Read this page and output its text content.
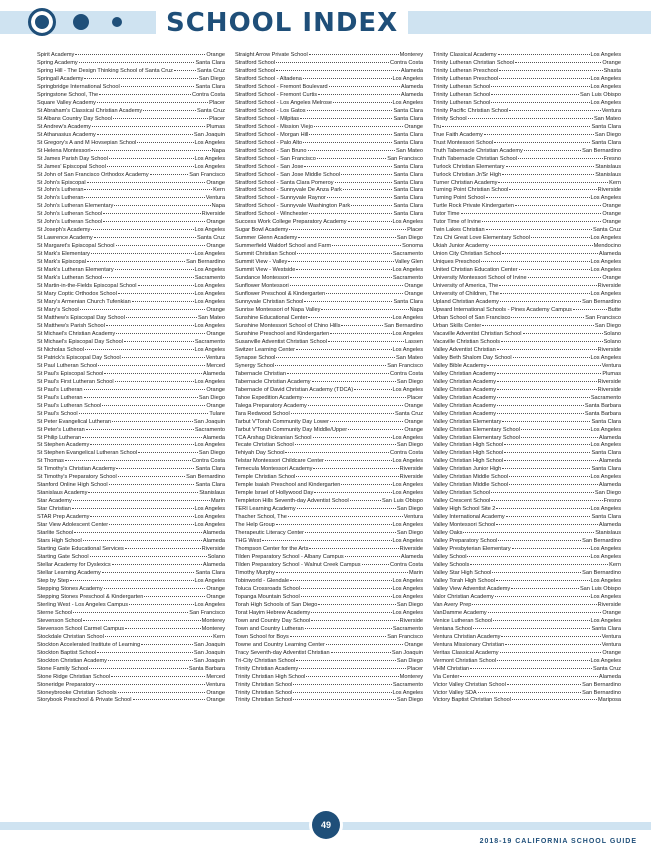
SCHOOL INDEX
Spirit Academy	Orange
Spring Academy	Santa Clara
Spring Hill - The Design Thinking School of Santa Cruz	Santa Cruz
Springall Academy	San Diego
Springbridge International School	Santa Clara
Springstone School, The	Contra Costa
Square Valley Academy	Placer
St Abraham's Classical Christian Academy	Santa Cruz
St Albans Country Day School	Placer
St Andrew's Academy	Plumas
St Athanasius Academy	San Joaquin
St Gregory's A and M Hovsepian School	Los Angeles
St Helena Montessori	Napa
St James Parish Day School	Los Angeles
St James' Episcopal School	Los Angeles
St John of San Francisco Orthodox Academy	San Francisco
St John's Episcopal	Orange
St John's Lutheran	Kern
St John's Lutheran	Ventura
St John's Lutheran Elementary	Napa
St John's Lutheran School	Riverside
St John's Lutheran School	Orange
St Joseph's Academy	Los Angeles
St Lawrence Academy	Santa Cruz
St Margaret's Episcopal School	Orange
St Mark's Elementary	Los Angeles
St Mark's Episcopal	San Bernardino
St Mark's Lutheran Elementary	Los Angeles
St Mark's Lutheran School	Sacramento
St Martin-in-the-Fields Episcopal School	Los Angeles
St Mary Coptic Orthodox School	Los Angeles
St Mary's Armenian Church Tufenkian	Los Angeles
St Mary's School	Orange
St Matthew's Episcopal Day School	San Mateo
St Matthew's Parish School	Los Angeles
St Michael's Christian Academy	Orange
St Michael's Episcopal Day School	Sacramento
St Nicholas School	Los Angeles
St Patrick's Episcopal Day School	Ventura
St Paul Lutheran School	Merced
St Paul's Episcopal School	Alameda
St Paul's First Lutheran School	Los Angeles
St Paul's Lutheran	Orange
St Paul's Lutheran	San Diego
St Paul's Lutheran School	Orange
St Paul's School	Tulare
St Peter Evangelical Lutheran	San Joaquin
St Peter's Lutheran	Sacramento
St Philip Lutheran	Alameda
St Stephen Academy	Los Angeles
St Stephen Evangelical Lutheran School	San Diego
St Thomas	Contra Costa
St Timothy's Christian Academy	Santa Clara
St Timothy's Preparatory School	San Bernardino
Stanford Online High School	Santa Clara
Stanislaus Academy	Stanislaus
Star Academy	Marin
Star Christian	Los Angeles
STAR Prep Academy	Los Angeles
Star View Adolescent Center	Los Angeles
Starlite School	Alameda
Stars High School	Alameda
Starting Gate Educational Services	Riverside
Starting Gate School	Solano
Stellar Academy for Dyslexics	Alameda
Stellar Learning Academy	Santa Clara
Step by Step	Los Angeles
Stepping Stones Academy	Orange
Stepping Stones Preschool & Kindergarten	Orange
Sterling West - Los Angeles Campus	Los Angeles
Sterne School	San Francisco
Stevenson School	Monterey
Stevenson School Carmel Campus	Monterey
Stockdale Christian School	Kern
Stockton Accelerated Institute of Learning	San Joaquin
Stockton Baptist School	San Joaquin
Stockton Christian Academy	San Joaquin
Stone Family School	Santa Barbara
Stone Ridge Christian School	Merced
Stoneridge Preparatory	Ventura
Stoneybrooke Christian Schools	Orange
Storybook Preschool & Private School	Orange
Straight Arrow Private School	Monterey
Stratford School	Contra Costa
Stratford School	Alameda
Stratford School - Altadena	Los Angeles
Stratford School - Fremont Boulevard	Alameda
Stratford School - Fremont Curtis	Alameda
Stratford School - Los Angeles Melrose	Los Angeles
Stratford School - Los Gatos	Santa Clara
Stratford School - Milpitas	Santa Clara
Stratford School - Mission Viejo	Orange
Stratford School - Morgan Hill	Santa Clara
Stratford School - Palo Alto	Santa Clara
Stratford School - San Bruno	San Mateo
Stratford School - San Francisco	San Francisco
Stratford School - San Jose	Santa Clara
Stratford School - San Jose Middle School	Santa Clara
Stratford School - Santa Clara Pomeroy	Santa Clara
Stratford School - Sunnyvale De Anza Park	Santa Clara
Stratford School - Sunnyvale Raynor	Santa Clara
Stratford School - Sunnyvale Washington Park	Santa Clara
Stratford School - Winchester	Santa Clara
Success Work College Preparatory Academy	Los Angeles
Sugar Bowl Academy	Placer
Summer Glenn Academy	San Diego
Summerfield Waldorf School and Farm	Sonoma
Summit Christian School	Sacramento
Summit View - Valley	Valley Glen
Summit View - Westside	Los Angeles
Sundance Montessori	Sacramento
Sunflower Montessori	Orange
Sunflower Preschool & Kindergarten	Orange
Sunnyvale Christian School	Santa Clara
Sunrise Montessori of Napa Valley	Napa
Sunshine Educational Center	Los Angeles
Sunshine Montessori School of Chino Hills	San Bernardino
Sunshine Preschool and Kindergarten	Los Angeles
Susanville Adventist Christian School	Lassen
Switzer Learning Center	Los Angeles
Synapse School	San Mateo
Synergy School	San Francisco
Tabernacle Christian	Contra Costa
Tabernacle Christian Academy	San Diego
Tabernacle of David Christian Academy (TDCA)	Los Angeles
Tahoe Expedition Academy	Placer
Talega Preparatory Academy	Orange
Tara Redwood School	Santa Cruz
Tarbut V'Torah Community Day Lower	Orange
Tarbut V'Torah Community Day Middle/Upper	Orange
TCA Arshag Dickranian School	Los Angeles
Tecate Christian School	San Diego
Tehiyah Day School	Contra Costa
Telstar Montessori Childcare Center	Los Angeles
Temecula Montessori Academy	Riverside
Temple Christian School	Riverside
Temple Isaiah Preschool and Kindergarten	Los Angeles
Temple Israel of Hollywood Day	Los Angeles
Templeton Hills Seventh-day Adventist School	San Luis Obispo
TERI Learning Academy	San Diego
Thacher School, The	Ventura
The Help Group	Los Angeles
Therapeutic Literacy Center	San Diego
THG West	Los Angeles
Thompson Center for the Arts	Riverside
Tilden Preparatory School - Albany Campus	Alameda
Tilden Preparatory School - Walnut Creek Campus	Contra Costa
Timothy Murphy	Marin
Tobinworld - Glendale	Los Angeles
Toluca Crossroads School	Los Angeles
Topanga Mountain School	Los Angeles
Torah High Schools of San Diego	San Diego
Torat Hayim Hebrew Academy	Los Angeles
Town and Country Day School	Riverside
Town and Country Lutheran	Sacramento
Town School for Boys	San Francisco
Towne and Country Learning Center	Orange
Tracy Seventh-day Adventist Christian	San Joaquin
Tri-City Christian School	San Diego
Trinity Christian Academy	Placer
Trinity Christian High School	Monterey
Trinity Christian School	Sacramento
Trinity Christian School	Los Angeles
Trinity Christian School	San Diego
Trinity Classical Academy	Los Angeles
Trinity Lutheran Christian School	Orange
Trinity Lutheran Preschool	Shasta
Trinity Lutheran Preschool	Los Angeles
Trinity Lutheran School	Los Angeles
Trinity Lutheran School	San Luis Obispo
Trinity Lutheran School	Los Angeles
Trinity Pacific Christian School	Ventura
Trinity School	San Mateo
Tru	Santa Clara
True Faith Academy	San Diego
Trust Montessori School	Santa Clara
Truth Tabernacle Christian Academy	San Bernardino
Truth Tabernacle Christian School	Fresno
Turlock Christian Elementary	Stanislaus
Turlock Christian Jr/Sr High	Stanislaus
Turner Christian Academy	Kern
Turning Point Christian School	Riverside
Turning Point School	Los Angeles
Turtle Rock Private Kindergarten	Orange
Tutor Time	Orange
Tutor Time of Irvine	Orange
Twin Lakes Christian	Santa Cruz
Tzu Chi Great Love Elementary School	Los Angeles
Ukiah Junior Academy	Mendocino
Union City Christian School	Alameda
Uniques Preschool	Los Angeles
United Christian Education Center	Los Angeles
University Montessori School of Irvine	Orange
University of America, The	Riverside
University of Children, The	Los Angeles
Upland Christian Academy	San Bernardino
Upward International Schools - Pines Academy Campus	Butte
Urban School of San Francisco	San Francisco
Urban Skills Center	San Diego
Vacaville Adventist Christian School	Solano
Vacaville Christian Schools	Solano
Valley Adventist Christian	Riverside
Valley Beth Shalom Day School	Los Angeles
Valley Bible Academy	Ventura
Valley Christian Academy	Plumas
Valley Christian Academy	Riverside
Valley Christian Academy	Riverside
Valley Christian Academy	Sacramento
Valley Christian Academy	Santa Barbara
Valley Christian Academy	Santa Barbara
Valley Christian Elementary	Santa Clara
Valley Christian Elementary School	Los Angeles
Valley Christian Elementary School	Alameda
Valley Christian High School	Los Angeles
Valley Christian High School	Santa Clara
Valley Christian High School	Alameda
Valley Christian Junior High	Santa Clara
Valley Christian Middle School	Los Angeles
Valley Christian Middle School	Alameda
Valley Christian School	San Diego
Valley Crescent School	Fresno
Valley High School Site 2	Los Angeles
Valley International Academy	Santa Clara
Valley Montessori School	Alameda
Valley Oaks	Stanislaus
Valley Preparatory School	San Bernardino
Valley Presbyterian Elementary	Los Angeles
Valley School	Los Angeles
Valley Schools	Kern
Valley Star High School	San Bernardino
Valley Torah High School	Los Angeles
Valley View Adventist Academy	San Luis Obispo
Valor Christian Academy	Los Angeles
Van Avery Prep	Riverside
VanDamme Academy	Orange
Venice Lutheran School	Los Angeles
Ventana School	Santa Clara
Ventura Christian Academy	Ventura
Ventura Missionary Christian	Ventura
Veritas Classical Academy	Orange
Vermont Christian School	Los Angeles
VHM Christian	Santa Cruz
Via Center	Alameda
Victor Valley Christian School	San Bernardino
Victor Valley SDA	San Bernardino
Victory Baptist Christian School	Mariposa
49
2018-19 CALIFORNIA SCHOOL GUIDE
